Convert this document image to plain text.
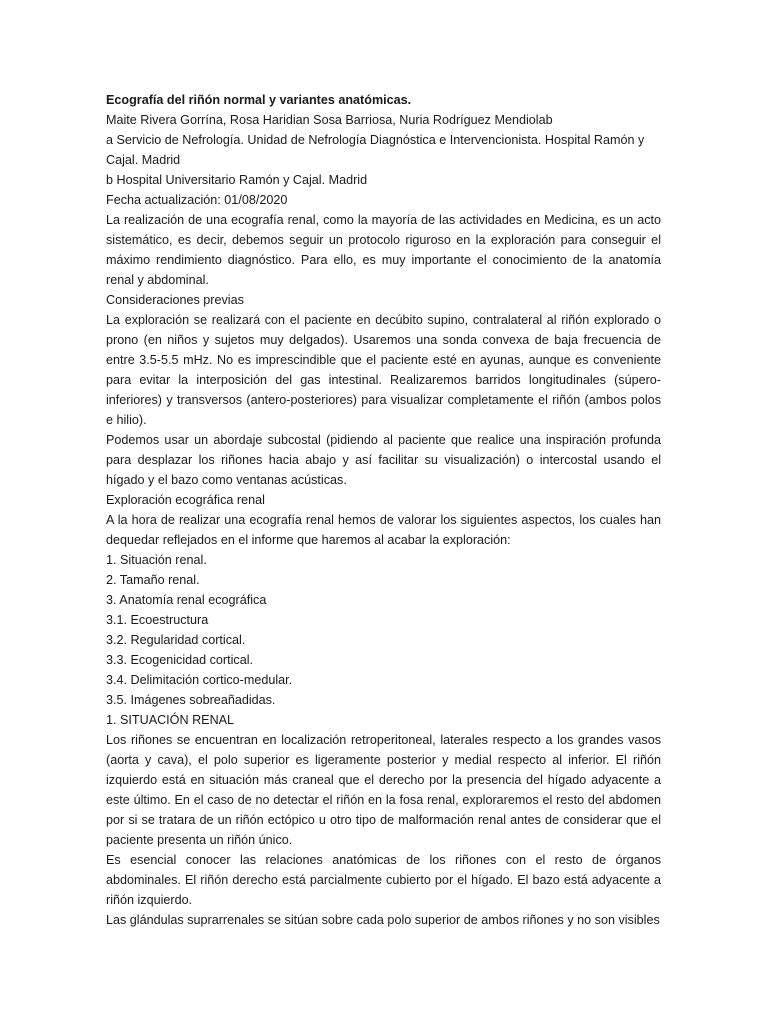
Ecografía del riñón normal y variantes anatómicas.

Maite Rivera Gorrína, Rosa Haridian Sosa Barriosa, Nuria Rodríguez Mendiolab

a Servicio de Nefrología. Unidad de Nefrología Diagnóstica e Intervencionista. Hospital Ramón y Cajal. Madrid

b Hospital Universitario Ramón y Cajal. Madrid

Fecha actualización: 01/08/2020

La realización de una ecografía renal, como la mayoría de las actividades en Medicina, es un acto sistemático, es decir, debemos seguir un protocolo riguroso en la exploración para conseguir el máximo rendimiento diagnóstico. Para ello, es muy importante el conocimiento de la anatomía renal y abdominal.

Consideraciones previas

La exploración se realizará con el paciente en decúbito supino, contralateral al riñón explorado o prono (en niños y sujetos muy delgados). Usaremos una sonda convexa de baja frecuencia de entre 3.5-5.5 mHz. No es imprescindible que el paciente esté en ayunas, aunque es conveniente para evitar la interposición del gas intestinal. Realizaremos barridos longitudinales (súpero-inferiores) y transversos (antero-posteriores) para visualizar completamente el riñón (ambos polos e hilio).

Podemos usar un abordaje subcostal (pidiendo al paciente que realice una inspiración profunda para desplazar los riñones hacia abajo y así facilitar su visualización) o intercostal usando el hígado y el bazo como ventanas acústicas.

Exploración ecográfica renal

A la hora de realizar una ecografía renal hemos de valorar los siguientes aspectos, los cuales han dequedar reflejados en el informe que haremos al acabar la exploración:

1. Situación renal.

2. Tamaño renal.

3. Anatomía renal ecográfica

3.1. Ecoestructura

3.2. Regularidad cortical.

3.3. Ecogenicidad cortical.

3.4. Delimitación cortico-medular.

3.5. Imágenes sobreañadidas.

1. SITUACIÓN RENAL

Los riñones se encuentran en localización retroperitoneal, laterales respecto a los grandes vasos (aorta y cava), el polo superior es ligeramente posterior y medial respecto al inferior. El riñón izquierdo está en situación más craneal que el derecho por la presencia del hígado adyacente a este último. En el caso de no detectar el riñón en la fosa renal, exploraremos el resto del abdomen por si se tratara de un riñón ectópico u otro tipo de malformación renal antes de considerar que el paciente presenta un riñón único.

Es esencial conocer las relaciones anatómicas de los riñones con el resto de órganos abdominales. El riñón derecho está parcialmente cubierto por el hígado. El bazo está adyacente a riñón izquierdo.

Las glándulas suprarrenales se sitúan sobre cada polo superior de ambos riñones y no son visibles
